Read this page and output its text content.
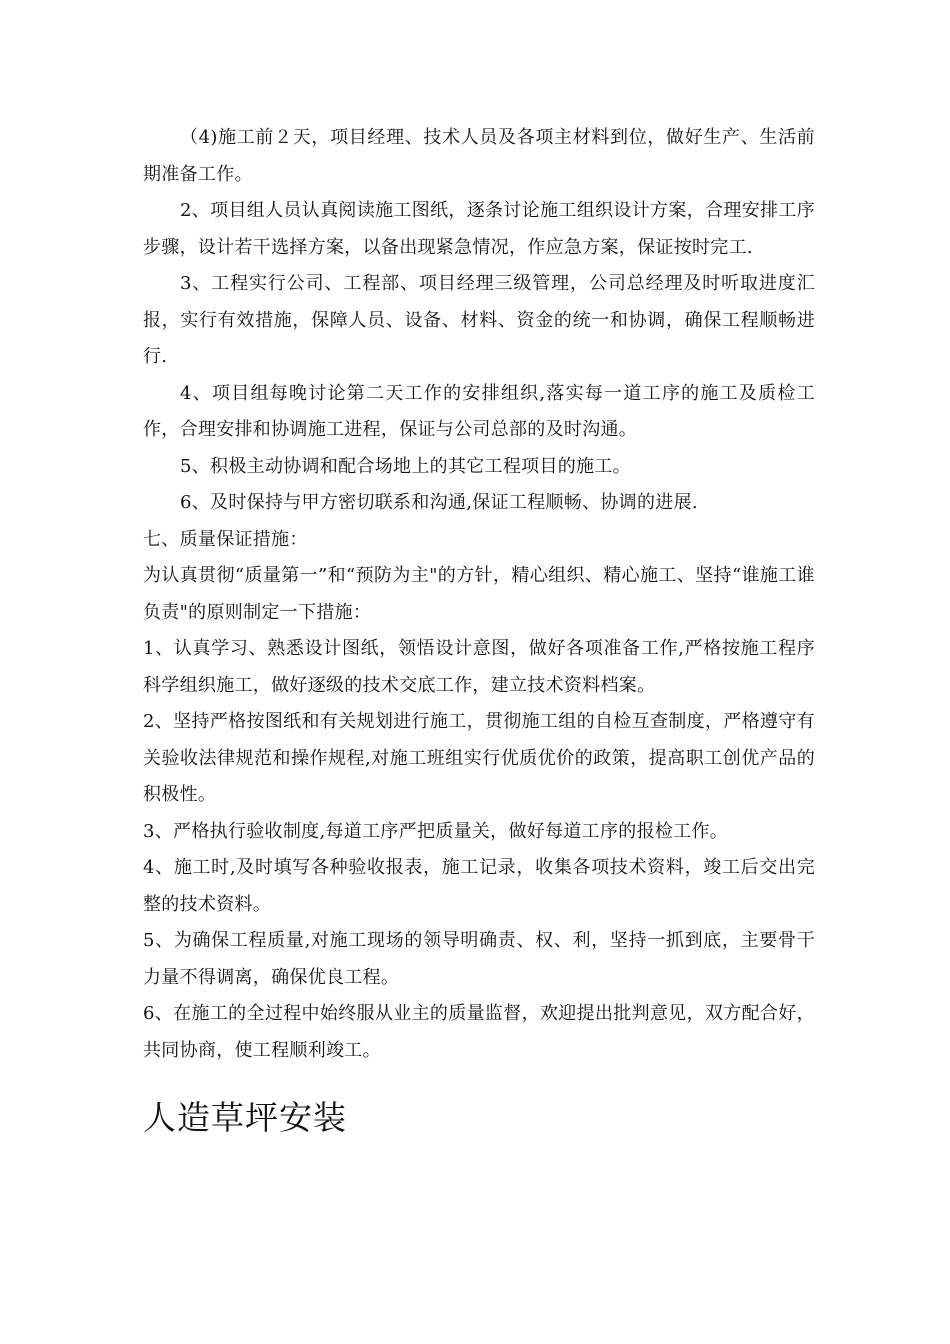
（4)施工前２天，项目经理、技术人员及各项主材料到位，做好生产、生活前期准备工作。

2、项目组人员认真阅读施工图纸，逐条讨论施工组织设计方案，合理安排工序步骤，设计若干选择方案，以备出现紧急情况，作应急方案，保证按时完工.

3、工程实行公司、工程部、项目经理三级管理，公司总经理及时听取进度汇报，实行有效措施，保障人员、设备、材料、资金的统一和协调，确保工程顺畅进行.

4、项目组每晚讨论第二天工作的安排组织,落实每一道工序的施工及质检工作，合理安排和协调施工进程，保证与公司总部的及时沟通。

5、积极主动协调和配合场地上的其它工程项目的施工。

6、及时保持与甲方密切联系和沟通,保证工程顺畅、协调的进展.

七、质量保证措施：

为认真贯彻“质量第一”和“预防为主"的方针，精心组织、精心施工、坚持“谁施工谁负责"的原则制定一下措施：

1、认真学习、熟悉设计图纸，领悟设计意图，做好各项准备工作,严格按施工程序科学组织施工，做好逐级的技术交底工作，建立技术资料档案。

2、坚持严格按图纸和有关规划进行施工，贯彻施工组的自检互查制度，严格遵守有关验收法律规范和操作规程,对施工班组实行优质优价的政策，提高职工创优产品的积极性。

3、严格执行验收制度,每道工序严把质量关，做好每道工序的报检工作。

4、施工时,及时填写各种验收报表，施工记录，收集各项技术资料，竣工后交出完整的技术资料。

5、为确保工程质量,对施工现场的领导明确责、权、利，坚持一抓到底，主要骨干力量不得调离，确保优良工程。

6、在施工的全过程中始终服从业主的质量监督，欢迎提出批判意见，双方配合好，共同协商，使工程顺利竣工。

人造草坪安装
